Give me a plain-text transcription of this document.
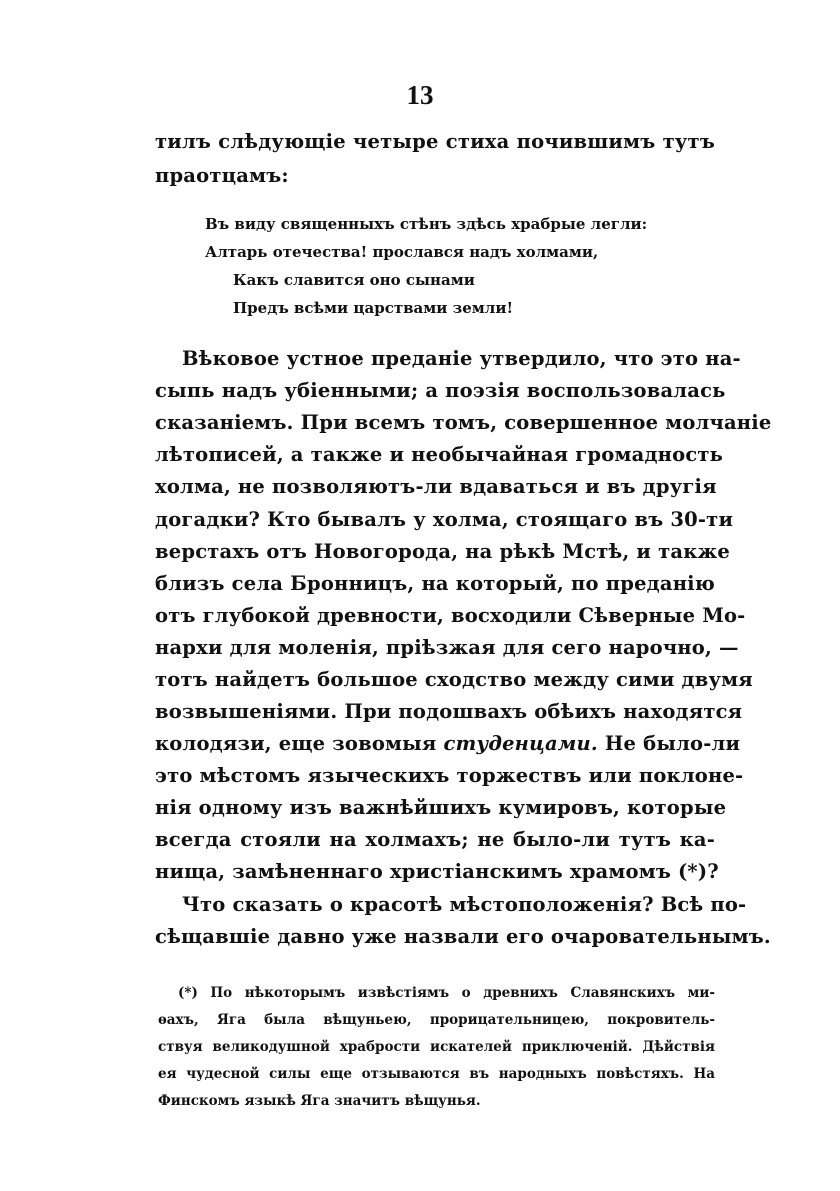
13
тилъ слѣдующіе четыре стиха почившимъ тутъ
праотцамъ:
Въ виду священныхъ стѣнъ здѣсь храбрые легли:
Алтарь отечества! прослався надъ холмами,
Какъ славится оно сынами
Предъ всѣми царствами земли!
Вѣковое устное преданіе утвердило, что это на-
сыпь надъ убіенными; а поэзія воспользовалась
сказаніемъ. При всемъ томъ, совершенное молчаніе
лѣтописей, а также и необычайная громадность
холма, не позволяютъ-ли вдаваться и въ другія
догадки? Кто бывалъ у холма, стоящаго въ 30-ти
верстахъ отъ Новогорода, на рѣкѣ Мстѣ, и также
близъ села Бронницъ, на который, по преданію
отъ глубокой древности, восходили Сѣверные Мо-
нархи для моленія, пріѣзжая для сего нарочно, —
тотъ найдетъ большое сходство между сими двумя
возвышеніями. При подошвахъ обѣихъ находятся
колодязи, еще зовомыя студенцами. Не было-ли
это мѣстомъ языческихъ торжествъ или поклоне-
нія одному изъ важнѣйшихъ кумировъ, которые
всегда стояли на холмахъ; не было-ли тутъ ка-
нища, замѣненнаго христіанскимъ храмомъ (*)?
Что сказать о красотѣ мѣстоположенія? Всѣ по-
сѣщавшіе давно уже назвали его очаровательнымъ.
(*) По нѣкоторымъ извѣстіямъ о древнихъ Славянскихъ ми-
ѳахъ, Яга была вѣщуньею, прорицательницею, покровитель-
ствуя великодушной храбрости искателей приключеній. Дѣйствія
ея чудесной силы еще отзываются въ народныхъ повѣстяхъ. На
Финскомъ языкѣ Яга значитъ вѣщунья.
